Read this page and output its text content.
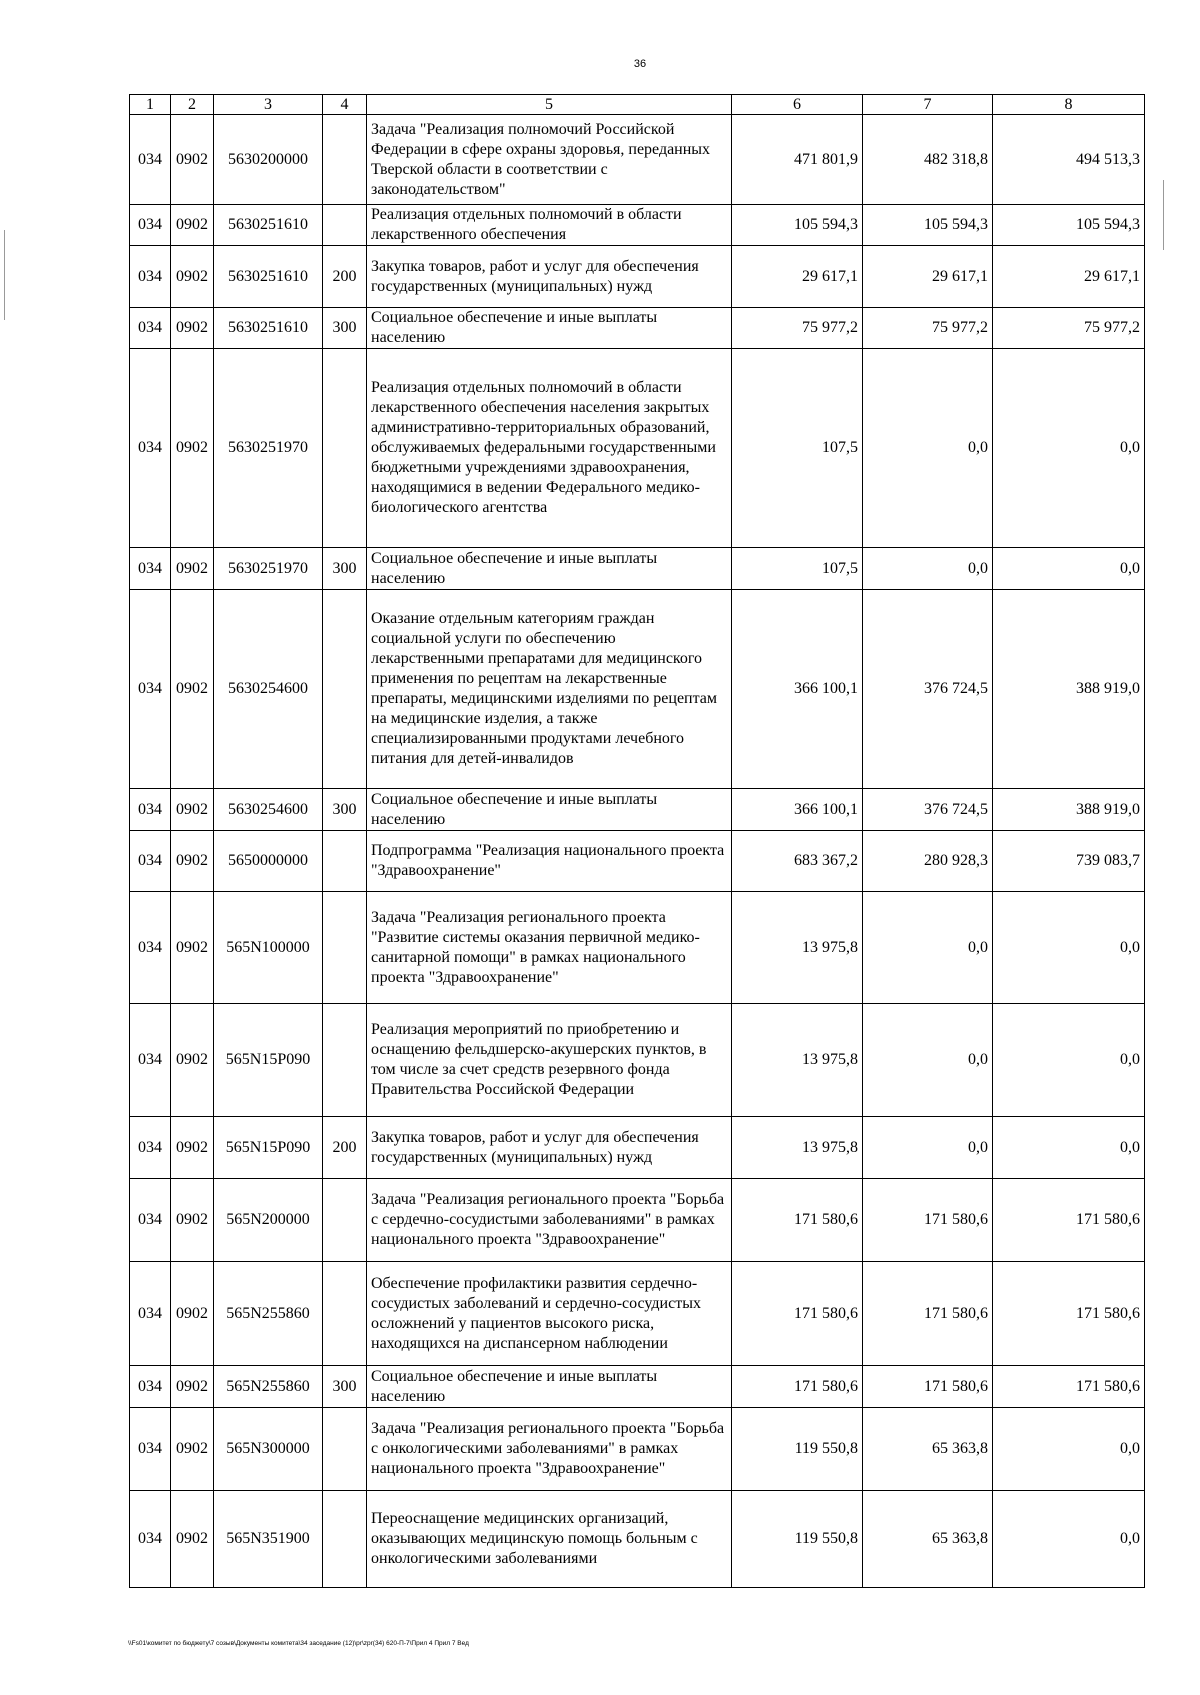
36
1	2	3	4	5	6	7	8
034	0902	5630200000		Задача "Реализация полномочий Российской Федерации в сфере охраны здоровья, переданных Тверской области в соответствии с законодательством"	471 801,9	482 318,8	494 513,3
034	0902	5630251610		Реализация отдельных полномочий в области лекарственного обеспечения	105 594,3	105 594,3	105 594,3
034	0902	5630251610	200	Закупка товаров, работ и услуг для обеспечения государственных (муниципальных) нужд	29 617,1	29 617,1	29 617,1
034	0902	5630251610	300	Социальное обеспечение и иные выплаты населению	75 977,2	75 977,2	75 977,2
034	0902	5630251970		Реализация отдельных полномочий в области лекарственного обеспечения населения закрытых административно-территориальных образований, обслуживаемых федеральными государственными бюджетными учреждениями здравоохранения, находящимися в ведении Федерального медико-биологического агентства	107,5	0,0	0,0
034	0902	5630251970	300	Социальное обеспечение и иные выплаты населению	107,5	0,0	0,0
034	0902	5630254600		Оказание отдельным категориям граждан социальной услуги по обеспечению лекарственными препаратами для медицинского применения по рецептам на лекарственные препараты, медицинскими изделиями по рецептам на медицинские изделия, а также специализированными продуктами лечебного питания для детей-инвалидов	366 100,1	376 724,5	388 919,0
034	0902	5630254600	300	Социальное обеспечение и иные выплаты населению	366 100,1	376 724,5	388 919,0
034	0902	5650000000		Подпрограмма "Реализация национального проекта "Здравоохранение"	683 367,2	280 928,3	739 083,7
034	0902	565N100000		Задача "Реализация регионального проекта "Развитие системы оказания первичной медико-санитарной помощи" в рамках национального проекта "Здравоохранение"	13 975,8	0,0	0,0
034	0902	565N15P090		Реализация мероприятий по приобретению и оснащению фельдшерско-акушерских пунктов, в том числе за счет средств резервного фонда Правительства Российской Федерации	13 975,8	0,0	0,0
034	0902	565N15P090	200	Закупка товаров, работ и услуг для обеспечения государственных (муниципальных) нужд	13 975,8	0,0	0,0
034	0902	565N200000		Задача "Реализация регионального проекта "Борьба с сердечно-сосудистыми заболеваниями" в рамках национального проекта "Здравоохранение"	171 580,6	171 580,6	171 580,6
034	0902	565N255860		Обеспечение профилактики развития сердечно-сосудистых заболеваний и сердечно-сосудистых осложнений у пациентов высокого риска, находящихся на диспансерном наблюдении	171 580,6	171 580,6	171 580,6
034	0902	565N255860	300	Социальное обеспечение и иные выплаты населению	171 580,6	171 580,6	171 580,6
034	0902	565N300000		Задача "Реализация регионального проекта "Борьба с онкологическими заболеваниями" в рамках национального проекта "Здравоохранение"	119 550,8	65 363,8	0,0
034	0902	565N351900		Переоснащение медицинских организаций, оказывающих медицинскую помощь больным с онкологическими заболеваниями	119 550,8	65 363,8	0,0
\\Fs01\комитет по бюджету\7 созыв\Документы комитета\34 заседание (12)\pr\zpr(34) 620-П-7\Прил 4 Прил 7 Вед
